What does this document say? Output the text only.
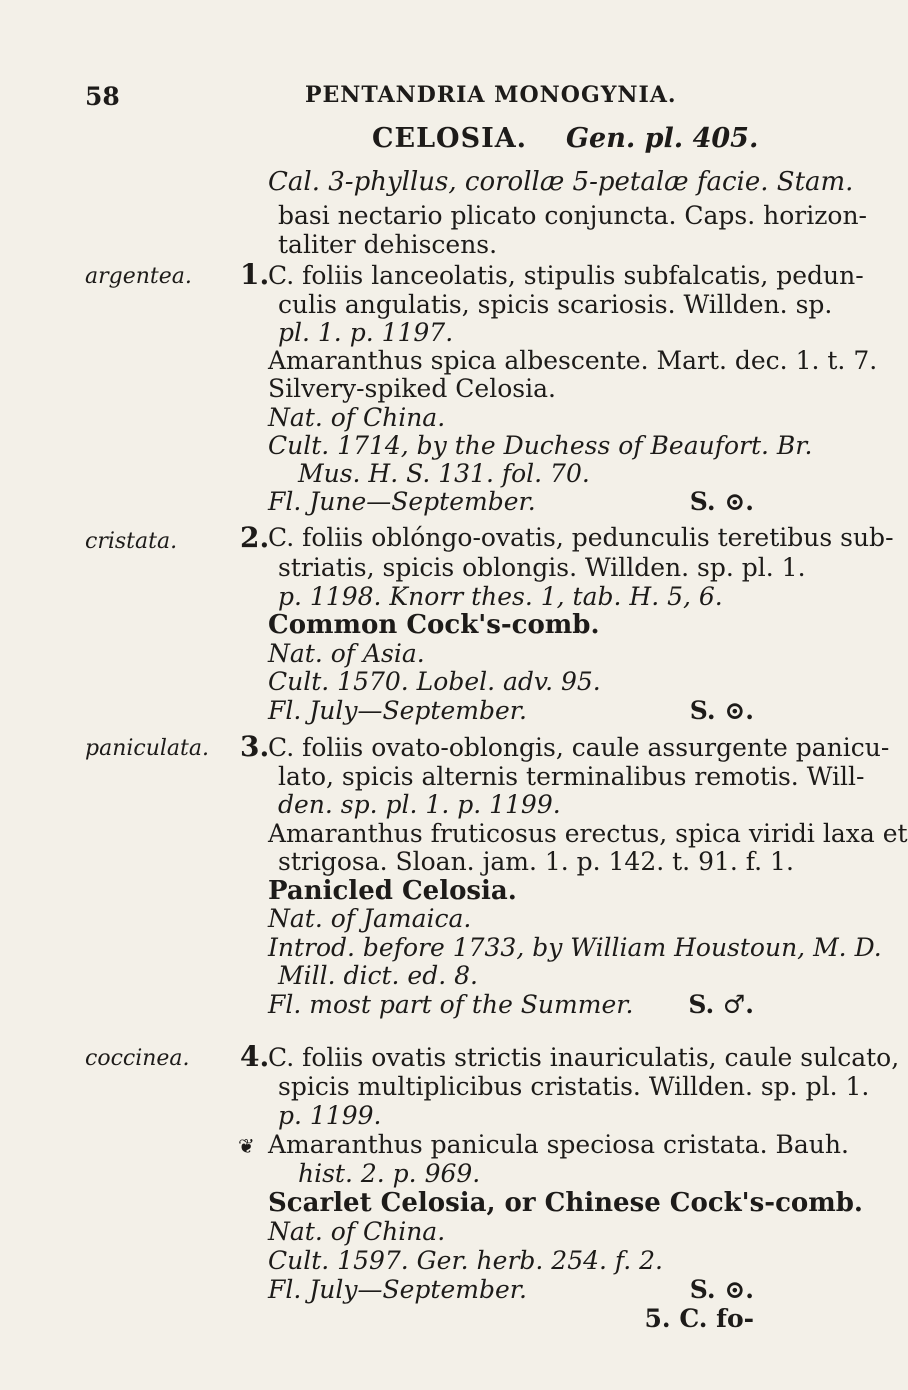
58	PENTANDRIA MONOGYNIA.
CELOSIA. Gen. pl. 405.
Cal. 3-phyllus, corollæ 5-petalæ facie. Stam.
basi nectario plicato conjuncta. Caps. horizon-
taliter dehiscens.
argentea. 1.
C. foliis lanceolatis, stipulis subfalcatis, pedun-
culis angulatis, spicis scariosis. Willden. sp.
pl. 1. p. 1197.
Amaranthus spica albescente. Mart. dec. 1. t. 7.
Silvery-spiked Celosia.
Nat. of China.
Cult. 1714, by the Duchess of Beaufort. Br.
Mus. H. S. 131. fol. 70.
Fl. June—September.	S. ⊙.
cristata. 2.
C. foliis oblóngo-ovatis, pedunculis teretibus sub-
striatis, spicis oblongis. Willden. sp. pl. 1.
p. 1198. Knorr thes. 1, tab. H. 5, 6.
Common Cock's-comb.
Nat. of Asia.
Cult. 1570. Lobel. adv. 95.
Fl. July—September.	S. ⊙.
paniculata. 3.
C. foliis ovato-oblongis, caule assurgente panicu-
lato, spicis alternis terminalibus remotis. Will-
den. sp. pl. 1. p. 1199.
Amaranthus fruticosus erectus, spica viridi laxa et
strigosa. Sloan. jam. 1. p. 142. t. 91. f. 1.
Panicled Celosia.
Nat. of Jamaica.
Introd. before 1733, by William Houstoun, M. D.
Mill. dict. ed. 8.
Fl. most part of the Summer. S. ♂.
coccinea. 4.
C. foliis ovatis strictis inauriculatis, caule sulcato,
spicis multiplicibus cristatis. Willden. sp. pl. 1.
p. 1199.
Amaranthus panicula speciosa cristata. Bauh.
hist. 2. p. 969.
Scarlet Celosia, or Chinese Cock's-comb.
Nat. of China.
Cult. 1597. Ger. herb. 254. f. 2.
Fl. July—September.	S. ⊙.
❦
5. C. fo-
